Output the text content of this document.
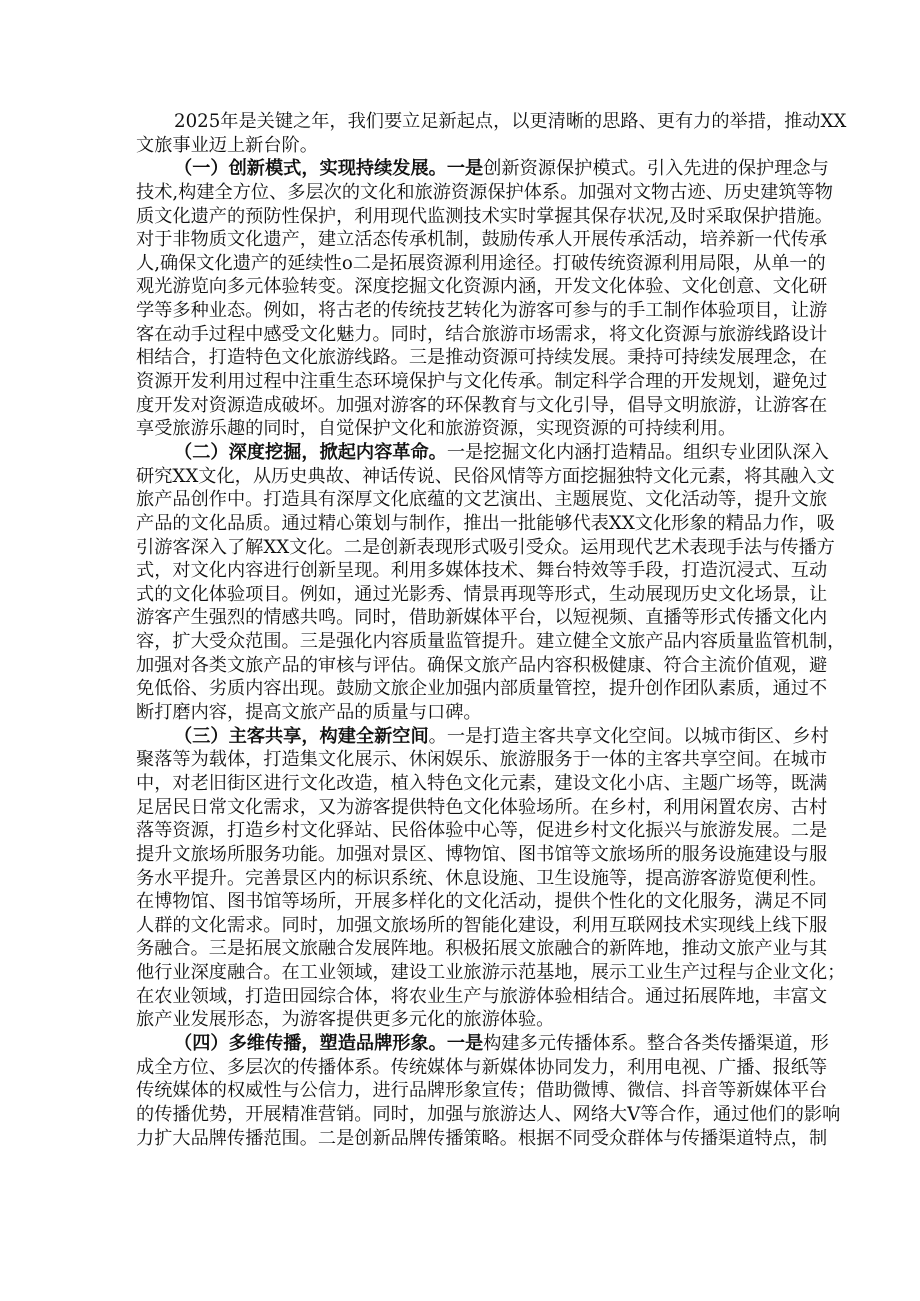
2025年是关键之年，我们要立足新起点，以更清晰的思路、更有力的举措，推动XX
文旅事业迈上新台阶。
（一）创新模式，实现持续发展。一是创新资源保护模式。引入先进的保护理念与
技术,构建全方位、多层次的文化和旅游资源保护体系。加强对文物古迹、历史建筑等物
质文化遗产的预防性保护，利用现代监测技术实时掌握其保存状况,及时采取保护措施。
对于非物质文化遗产，建立活态传承机制，鼓励传承人开展传承活动，培养新一代传承
人,确保文化遗产的延续性o二是拓展资源利用途径。打破传统资源利用局限，从单一的
观光游览向多元体验转变。深度挖掘文化资源内涵，开发文化体验、文化创意、文化研
学等多种业态。例如，将古老的传统技艺转化为游客可参与的手工制作体验项目，让游
客在动手过程中感受文化魅力。同时，结合旅游市场需求，将文化资源与旅游线路设计
相结合，打造特色文化旅游线路。三是推动资源可持续发展。秉持可持续发展理念，在
资源开发利用过程中注重生态环境保护与文化传承。制定科学合理的开发规划，避免过
度开发对资源造成破坏。加强对游客的环保教育与文化引导，倡导文明旅游，让游客在
享受旅游乐趣的同时，自觉保护文化和旅游资源，实现资源的可持续利用。
（二）深度挖掘，掀起内容革命。一是挖掘文化内涵打造精品。组织专业团队深入
研究XX文化，从历史典故、神话传说、民俗风情等方面挖掘独特文化元素，将其融入文
旅产品创作中。打造具有深厚文化底蕴的文艺演出、主题展览、文化活动等，提升文旅
产品的文化品质。通过精心策划与制作，推出一批能够代表XX文化形象的精品力作，吸
引游客深入了解XX文化。二是创新表现形式吸引受众。运用现代艺术表现手法与传播方
式，对文化内容进行创新呈现。利用多媒体技术、舞台特效等手段，打造沉浸式、互动
式的文化体验项目。例如，通过光影秀、情景再现等形式，生动展现历史文化场景，让
游客产生强烈的情感共鸣。同时，借助新媒体平台，以短视频、直播等形式传播文化内
容，扩大受众范围。三是强化内容质量监管提升。建立健全文旅产品内容质量监管机制，
加强对各类文旅产品的审核与评估。确保文旅产品内容积极健康、符合主流价值观，避
免低俗、劣质内容出现。鼓励文旅企业加强内部质量管控，提升创作团队素质，通过不
断打磨内容，提高文旅产品的质量与口碑。
（三）主客共享，构建全新空间。一是打造主客共享文化空间。以城市街区、乡村
聚落等为载体，打造集文化展示、休闲娱乐、旅游服务于一体的主客共享空间。在城市
中，对老旧街区进行文化改造，植入特色文化元素，建设文化小店、主题广场等，既满
足居民日常文化需求，又为游客提供特色文化体验场所。在乡村，利用闲置农房、古村
落等资源，打造乡村文化驿站、民俗体验中心等，促进乡村文化振兴与旅游发展。二是
提升文旅场所服务功能。加强对景区、博物馆、图书馆等文旅场所的服务设施建设与服
务水平提升。完善景区内的标识系统、休息设施、卫生设施等，提高游客游览便利性。
在博物馆、图书馆等场所，开展多样化的文化活动，提供个性化的文化服务，满足不同
人群的文化需求。同时，加强文旅场所的智能化建设，利用互联网技术实现线上线下服
务融合。三是拓展文旅融合发展阵地。积极拓展文旅融合的新阵地，推动文旅产业与其
他行业深度融合。在工业领域，建设工业旅游示范基地，展示工业生产过程与企业文化；
在农业领域，打造田园综合体，将农业生产与旅游体验相结合。通过拓展阵地，丰富文
旅产业发展形态，为游客提供更多元化的旅游体验。
（四）多维传播，塑造品牌形象。一是构建多元传播体系。整合各类传播渠道，形
成全方位、多层次的传播体系。传统媒体与新媒体协同发力，利用电视、广播、报纸等
传统媒体的权威性与公信力，进行品牌形象宣传；借助微博、微信、抖音等新媒体平台
的传播优势，开展精准营销。同时，加强与旅游达人、网络大V等合作，通过他们的影响
力扩大品牌传播范围。二是创新品牌传播策略。根据不同受众群体与传播渠道特点，制
